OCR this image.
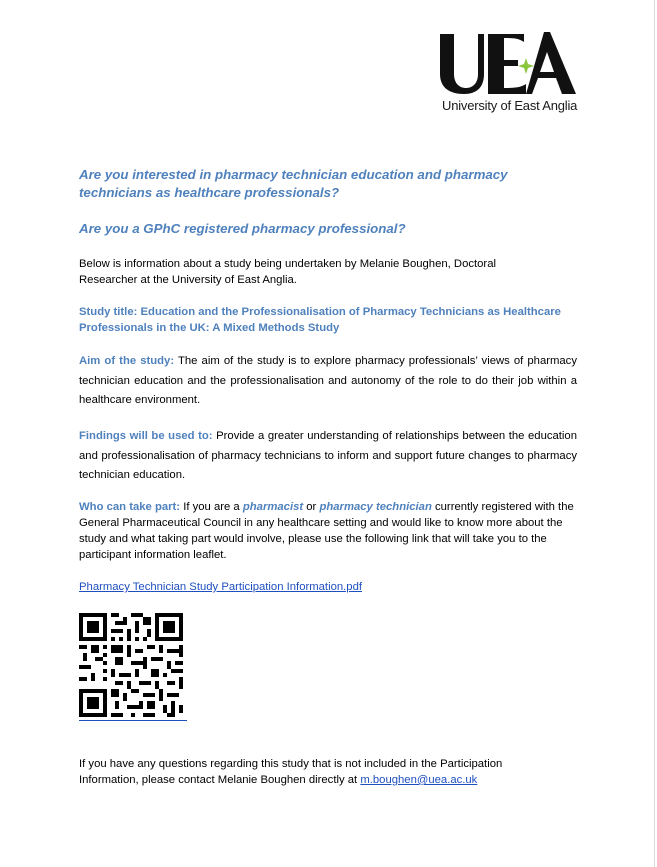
University of East Anglia
Are you interested in pharmacy technician education and pharmacy technicians as healthcare professionals?
Are you a GPhC registered pharmacy professional?
Below is information about a study being undertaken by Melanie Boughen, Doctoral Researcher at the University of East Anglia.
Study title: Education and the Professionalisation of Pharmacy Technicians as Healthcare Professionals in the UK: A Mixed Methods Study
Aim of the study: The aim of the study is to explore pharmacy professionals’ views of pharmacy technician education and the professionalisation and autonomy of the role to do their job within a healthcare environment.
Findings will be used to: Provide a greater understanding of relationships between the education and professionalisation of pharmacy technicians to inform and support future changes to pharmacy technician education.
Who can take part: If you are a pharmacist or pharmacy technician currently registered with the General Pharmaceutical Council in any healthcare setting and would like to know more about the study and what taking part would involve, please use the following link that will take you to the participant information leaflet.
Pharmacy Technician Study Participation Information.pdf
If you have any questions regarding this study that is not included in the Participation Information, please contact Melanie Boughen directly at m.boughen@uea.ac.uk
